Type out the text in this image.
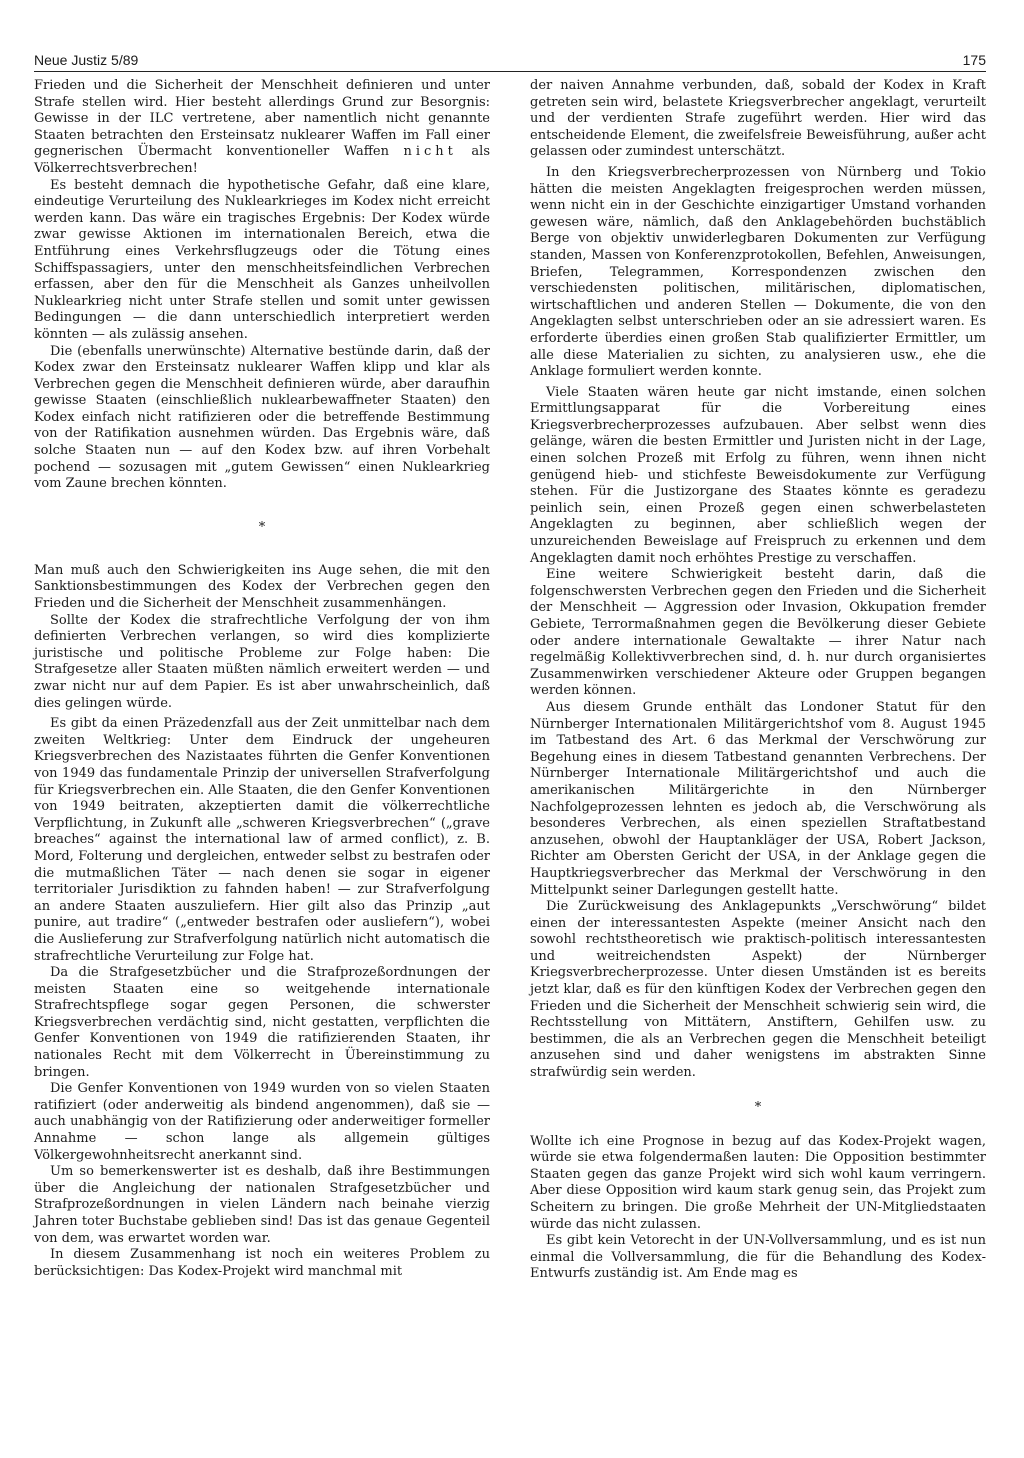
Neue Justiz 5/89	175

Frieden und die Sicherheit der Menschheit definieren und unter Strafe stellen wird. Hier besteht allerdings Grund zur Besorgnis: Gewisse in der ILC vertretene, aber namentlich nicht genannte Staaten betrachten den Ersteinsatz nuklearer Waffen im Fall einer gegnerischen Übermacht konventioneller Waffen nicht als Völkerrechtsverbrechen!

Es besteht demnach die hypothetische Gefahr, daß eine klare, eindeutige Verurteilung des Nuklearkrieges im Kodex nicht erreicht werden kann. Das wäre ein tragisches Ergebnis: Der Kodex würde zwar gewisse Aktionen im internationalen Bereich, etwa die Entführung eines Verkehrsflugzeugs oder die Tötung eines Schiffspassagiers, unter den menschheitsfeindlichen Verbrechen erfassen, aber den für die Menschheit als Ganzes unheilvollen Nuklearkrieg nicht unter Strafe stellen und somit unter gewissen Bedingungen — die dann unterschiedlich interpretiert werden könnten — als zulässig ansehen.

Die (ebenfalls unerwünschte) Alternative bestünde darin, daß der Kodex zwar den Ersteinsatz nuklearer Waffen klipp und klar als Verbrechen gegen die Menschheit definieren würde, aber daraufhin gewisse Staaten (einschließlich nuklearbewaffneter Staaten) den Kodex einfach nicht ratifizieren oder die betreffende Bestimmung von der Ratifikation ausnehmen würden. Das Ergebnis wäre, daß solche Staaten nun — auf den Kodex bzw. auf ihren Vorbehalt pochend — sozusagen mit „gutem Gewissen“ einen Nuklearkrieg vom Zaune brechen könnten.

*

Man muß auch den Schwierigkeiten ins Auge sehen, die mit den Sanktionsbestimmungen des Kodex der Verbrechen gegen den Frieden und die Sicherheit der Menschheit zusammenhängen.

Sollte der Kodex die strafrechtliche Verfolgung der von ihm definierten Verbrechen verlangen, so wird dies komplizierte juristische und politische Probleme zur Folge haben: Die Strafgesetze aller Staaten müßten nämlich erweitert werden — und zwar nicht nur auf dem Papier. Es ist aber unwahrscheinlich, daß dies gelingen würde.

Es gibt da einen Präzedenzfall aus der Zeit unmittelbar nach dem zweiten Weltkrieg: Unter dem Eindruck der ungeheuren Kriegsverbrechen des Nazistaates führten die Genfer Konventionen von 1949 das fundamentale Prinzip der universellen Strafverfolgung für Kriegsverbrechen ein. Alle Staaten, die den Genfer Konventionen von 1949 beitraten, akzeptierten damit die völkerrechtliche Verpflichtung, in Zukunft alle „schweren Kriegsverbrechen“ („grave breaches“ against the international law of armed conflict), z. B. Mord, Folterung und dergleichen, entweder selbst zu bestrafen oder die mutmaßlichen Täter — nach denen sie sogar in eigener territorialer Jurisdiktion zu fahnden haben! — zur Strafverfolgung an andere Staaten auszuliefern. Hier gilt also das Prinzip „aut punire, aut tradire“ („entweder bestrafen oder ausliefern“), wobei die Auslieferung zur Strafverfolgung natürlich nicht automatisch die strafrechtliche Verurteilung zur Folge hat.

Da die Strafgesetzbücher und die Strafprozeßordnungen der meisten Staaten eine so weitgehende internationale Strafrechtspflege sogar gegen Personen, die schwerster Kriegsverbrechen verdächtig sind, nicht gestatten, verpflichten die Genfer Konventionen von 1949 die ratifizierenden Staaten, ihr nationales Recht mit dem Völkerrecht in Übereinstimmung zu bringen.

Die Genfer Konventionen von 1949 wurden von so vielen Staaten ratifiziert (oder anderweitig als bindend angenommen), daß sie — auch unabhängig von der Ratifizierung oder anderweitiger formeller Annahme — schon lange als allgemein gültiges Völkergewohnheitsrecht anerkannt sind.

Um so bemerkenswerter ist es deshalb, daß ihre Bestimmungen über die Angleichung der nationalen Strafgesetzbücher und Strafprozeßordnungen in vielen Ländern nach beinahe vierzig Jahren toter Buchstabe geblieben sind! Das ist das genaue Gegenteil von dem, was erwartet worden war.

In diesem Zusammenhang ist noch ein weiteres Problem zu berücksichtigen: Das Kodex-Projekt wird manchmal mit

der naiven Annahme verbunden, daß, sobald der Kodex in Kraft getreten sein wird, belastete Kriegsverbrecher angeklagt, verurteilt und der verdienten Strafe zugeführt werden. Hier wird das entscheidende Element, die zweifelsfreie Beweisführung, außer acht gelassen oder zumindest unterschätzt.

In den Kriegsverbrecherprozessen von Nürnberg und Tokio hätten die meisten Angeklagten freigesprochen werden müssen, wenn nicht ein in der Geschichte einzigartiger Umstand vorhanden gewesen wäre, nämlich, daß den Anklagebehörden buchstäblich Berge von objektiv unwiderlegbaren Dokumenten zur Verfügung standen, Massen von Konferenzprotokollen, Befehlen, Anweisungen, Briefen, Telegrammen, Korrespondenzen zwischen den verschiedensten politischen, militärischen, diplomatischen, wirtschaftlichen und anderen Stellen — Dokumente, die von den Angeklagten selbst unterschrieben oder an sie adressiert waren. Es erforderte überdies einen großen Stab qualifizierter Ermittler, um alle diese Materialien zu sichten, zu analysieren usw., ehe die Anklage formuliert werden konnte.

Viele Staaten wären heute gar nicht imstande, einen solchen Ermittlungsapparat für die Vorbereitung eines Kriegsverbrecherprozesses aufzubauen. Aber selbst wenn dies gelänge, wären die besten Ermittler und Juristen nicht in der Lage, einen solchen Prozeß mit Erfolg zu führen, wenn ihnen nicht genügend hieb- und stichfeste Beweisdokumente zur Verfügung stehen. Für die Justizorgane des Staates könnte es geradezu peinlich sein, einen Prozeß gegen einen schwerbelasteten Angeklagten zu beginnen, aber schließlich wegen der unzureichenden Beweislage auf Freispruch zu erkennen und dem Angeklagten damit noch erhöhtes Prestige zu verschaffen.

Eine weitere Schwierigkeit besteht darin, daß die folgenschwersten Verbrechen gegen den Frieden und die Sicherheit der Menschheit — Aggression oder Invasion, Okkupation fremder Gebiete, Terrormaßnahmen gegen die Bevölkerung dieser Gebiete oder andere internationale Gewaltakte — ihrer Natur nach regelmäßig Kollektivverbrechen sind, d. h. nur durch organisiertes Zusammenwirken verschiedener Akteure oder Gruppen begangen werden können.

Aus diesem Grunde enthält das Londoner Statut für den Nürnberger Internationalen Militärgerichtshof vom 8. August 1945 im Tatbestand des Art. 6 das Merkmal der Verschwörung zur Begehung eines in diesem Tatbestand genannten Verbrechens. Der Nürnberger Internationale Militärgerichtshof und auch die amerikanischen Militärgerichte in den Nürnberger Nachfolgeprozessen lehnten es jedoch ab, die Verschwörung als besonderes Verbrechen, als einen speziellen Straftatbestand anzusehen, obwohl der Hauptankläger der USA, Robert Jackson, Richter am Obersten Gericht der USA, in der Anklage gegen die Hauptkriegsverbrecher das Merkmal der Verschwörung in den Mittelpunkt seiner Darlegungen gestellt hatte.

Die Zurückweisung des Anklagepunkts „Verschwörung“ bildet einen der interessantesten Aspekte (meiner Ansicht nach den sowohl rechtstheoretisch wie praktisch-politisch interessantesten und weitreichendsten Aspekt) der Nürnberger Kriegsverbrecherprozesse. Unter diesen Umständen ist es bereits jetzt klar, daß es für den künftigen Kodex der Verbrechen gegen den Frieden und die Sicherheit der Menschheit schwierig sein wird, die Rechtsstellung von Mittätern, Anstiftern, Gehilfen usw. zu bestimmen, die als an Verbrechen gegen die Menschheit beteiligt anzusehen sind und daher wenigstens im abstrakten Sinne strafwürdig sein werden.

*

Wollte ich eine Prognose in bezug auf das Kodex-Projekt wagen, würde sie etwa folgendermaßen lauten: Die Opposition bestimmter Staaten gegen das ganze Projekt wird sich wohl kaum verringern. Aber diese Opposition wird kaum stark genug sein, das Projekt zum Scheitern zu bringen. Die große Mehrheit der UN-Mitgliedstaaten würde das nicht zulassen.

Es gibt kein Vetorecht in der UN-Vollversammlung, und es ist nun einmal die Vollversammlung, die für die Behandlung des Kodex-Entwurfs zuständig ist. Am Ende mag es
